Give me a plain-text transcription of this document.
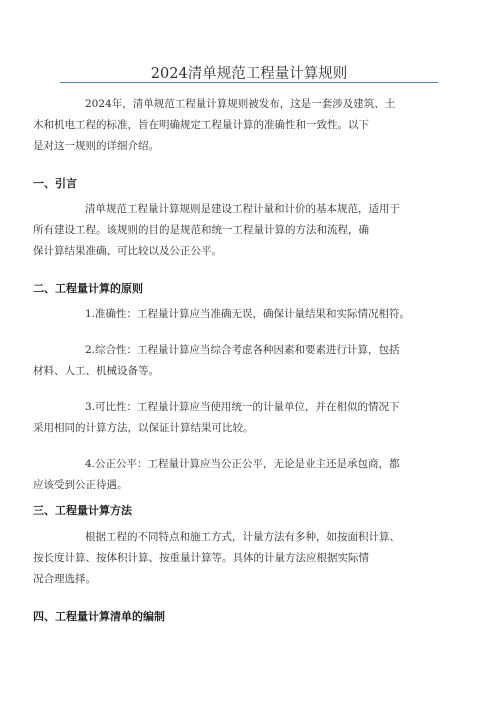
2024清单规范工程量计算规则
2024年，清单规范工程量计算规则被发布，这是一套涉及建筑、土
木和机电工程的标准，旨在明确规定工程量计算的准确性和一致性。以下
是对这一规则的详细介绍。
一、引言
清单规范工程量计算规则是建设工程计量和计价的基本规范，适用于
所有建设工程。该规则的目的是规范和统一工程量计算的方法和流程，确
保计算结果准确、可比较以及公正公平。
二、工程量计算的原则
1.准确性：工程量计算应当准确无误，确保计量结果和实际情况相符。
2.综合性：工程量计算应当综合考虑各种因素和要素进行计算，包括
材料、人工、机械设备等。
3.可比性：工程量计算应当使用统一的计量单位，并在相似的情况下
采用相同的计算方法，以保证计算结果可比较。
4.公正公平：工程量计算应当公正公平，无论是业主还是承包商，都
应该受到公正待遇。
三、工程量计算方法
根据工程的不同特点和施工方式，计量方法有多种，如按面积计算、
按长度计算、按体积计算、按重量计算等。具体的计量方法应根据实际情
况合理选择。
四、工程量计算清单的编制
